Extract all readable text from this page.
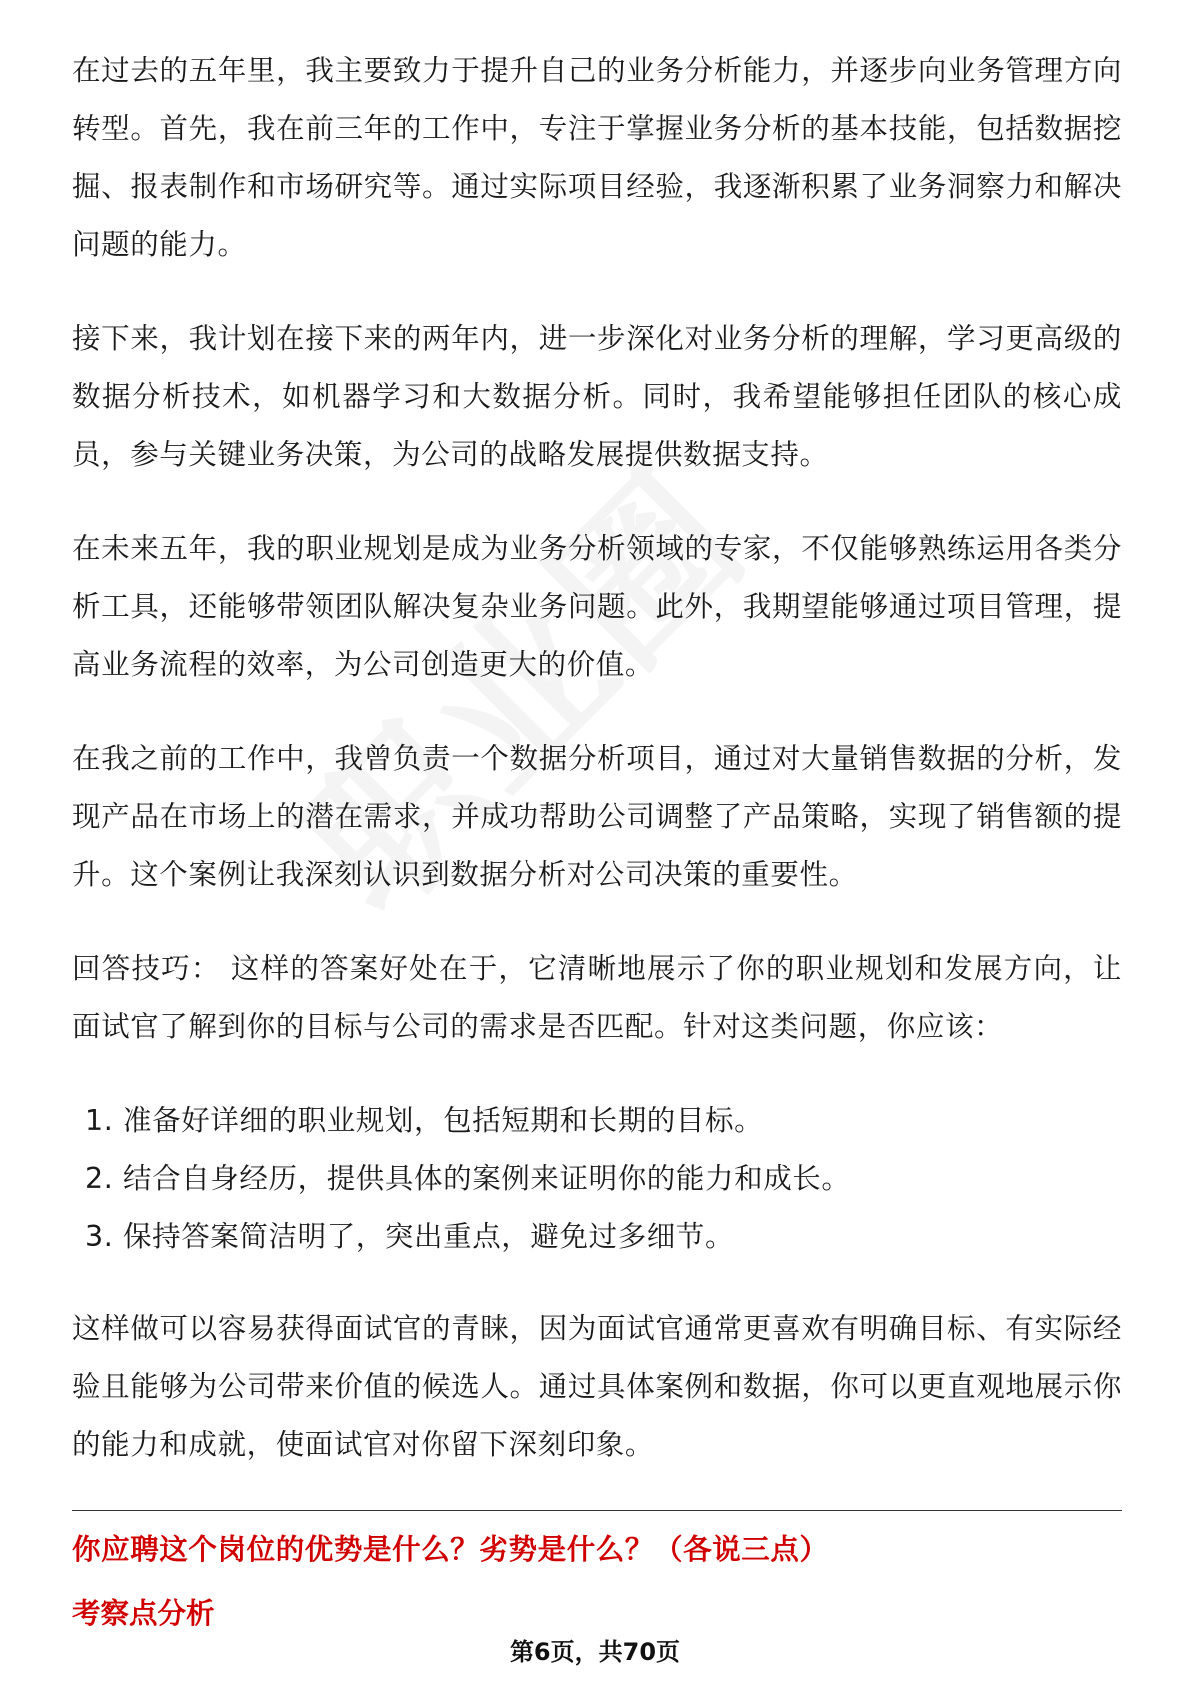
在过去的五年里，我主要致力于提升自己的业务分析能力，并逐步向业务管理方向转型。首先，我在前三年的工作中，专注于掌握业务分析的基本技能，包括数据挖掘、报表制作和市场研究等。通过实际项目经验，我逐渐积累了业务洞察力和解决问题的能力。

接下来，我计划在接下来的两年内，进一步深化对业务分析的理解，学习更高级的数据分析技术，如机器学习和大数据分析。同时，我希望能够担任团队的核心成员，参与关键业务决策，为公司的战略发展提供数据支持。

在未来五年，我的职业规划是成为业务分析领域的专家，不仅能够熟练运用各类分析工具，还能够带领团队解决复杂业务问题。此外，我期望能够通过项目管理，提高业务流程的效率，为公司创造更大的价值。

在我之前的工作中，我曾负责一个数据分析项目，通过对大量销售数据的分析，发现产品在市场上的潜在需求，并成功帮助公司调整了产品策略，实现了销售额的提升。这个案例让我深刻认识到数据分析对公司决策的重要性。

回答技巧： 这样的答案好处在于，它清晰地展示了你的职业规划和发展方向，让面试官了解到你的目标与公司的需求是否匹配。针对这类问题，你应该：

1. 准备好详细的职业规划，包括短期和长期的目标。
2. 结合自身经历，提供具体的案例来证明你的能力和成长。
3. 保持答案简洁明了，突出重点，避免过多细节。

这样做可以容易获得面试官的青睐，因为面试官通常更喜欢有明确目标、有实际经验且能够为公司带来价值的候选人。通过具体案例和数据，你可以更直观地展示你的能力和成就，使面试官对你留下深刻印象。

你应聘这个岗位的优势是什么？劣势是什么？（各说三点）
考察点分析
第6页，共70页
